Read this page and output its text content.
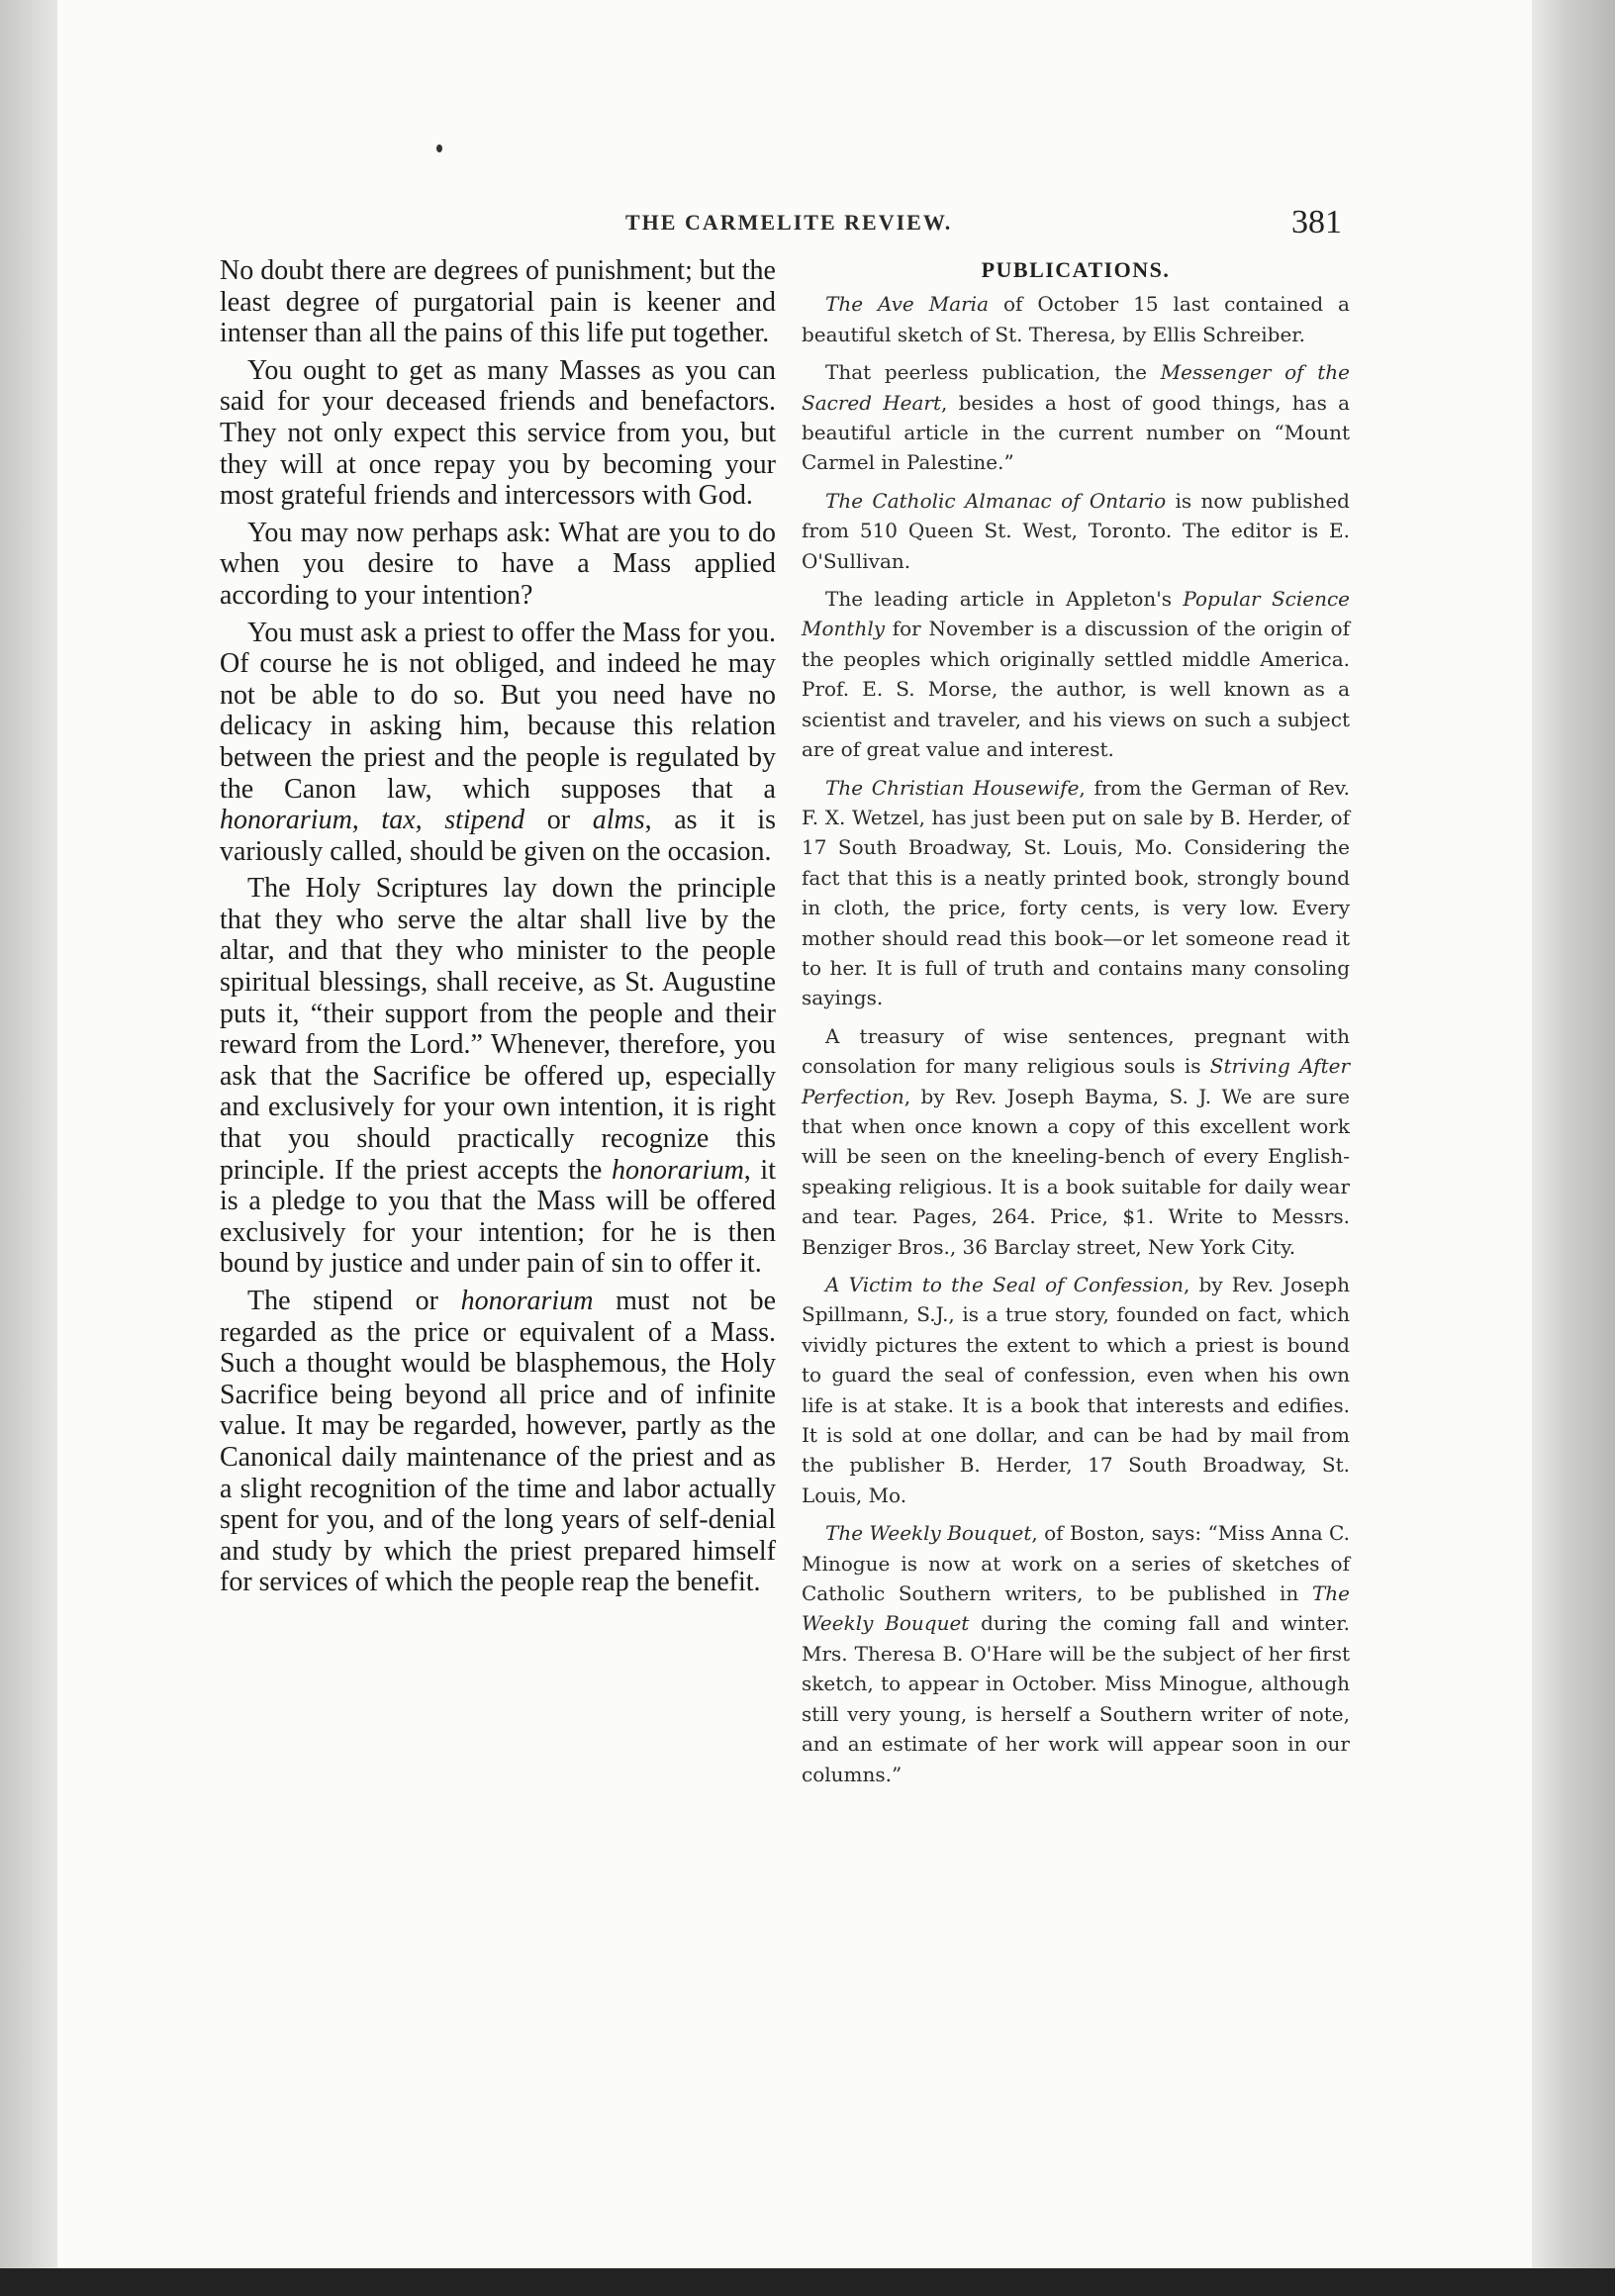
THE CARMELITE REVIEW.	381

No doubt there are degrees of punishment; but the least degree of purgatorial pain is keener and intenser than all the pains of this life put together.

You ought to get as many Masses as you can said for your deceased friends and benefactors. They not only expect this service from you, but they will at once repay you by becoming your most grateful friends and intercessors with God.

You may now perhaps ask: What are you to do when you desire to have a Mass applied according to your intention?

You must ask a priest to offer the Mass for you. Of course he is not obliged, and indeed he may not be able to do so. But you need have no delicacy in asking him, because this relation between the priest and the people is regulated by the Canon law, which supposes that a honorarium, tax, stipend or alms, as it is variously called, should be given on the occasion.

The Holy Scriptures lay down the principle that they who serve the altar shall live by the altar, and that they who minister to the people spiritual blessings, shall receive, as St. Augustine puts it, “their support from the people and their reward from the Lord.” Whenever, therefore, you ask that the Sacrifice be offered up, especially and exclusively for your own intention, it is right that you should practically recognize this principle. If the priest accepts the honorarium, it is a pledge to you that the Mass will be offered exclusively for your intention; for he is then bound by justice and under pain of sin to offer it.

The stipend or honorarium must not be regarded as the price or equivalent of a Mass. Such a thought would be blasphemous, the Holy Sacrifice being beyond all price and of infinite value. It may be regarded, however, partly as the Canonical daily maintenance of the priest and as a slight recognition of the time and labor actually spent for you, and of the long years of self-denial and study by which the priest prepared himself for services of which the people reap the benefit.

PUBLICATIONS.

The Ave Maria of October 15 last contained a beautiful sketch of St. Theresa, by Ellis Schreiber.

That peerless publication, the Messenger of the Sacred Heart, besides a host of good things, has a beautiful article in the current number on “Mount Carmel in Palestine.”

The Catholic Almanac of Ontario is now published from 510 Queen St. West, Toronto. The editor is E. O'Sullivan.

The leading article in Appleton's Popular Science Monthly for November is a discussion of the origin of the peoples which originally settled middle America. Prof. E. S. Morse, the author, is well known as a scientist and traveler, and his views on such a subject are of great value and interest.

The Christian Housewife, from the German of Rev. F. X. Wetzel, has just been put on sale by B. Herder, of 17 South Broadway, St. Louis, Mo. Considering the fact that this is a neatly printed book, strongly bound in cloth, the price, forty cents, is very low. Every mother should read this book—or let someone read it to her. It is full of truth and contains many consoling sayings.

A treasury of wise sentences, pregnant with consolation for many religious souls is Striving After Perfection, by Rev. Joseph Bayma, S. J. We are sure that when once known a copy of this excellent work will be seen on the kneeling-bench of every English-speaking religious. It is a book suitable for daily wear and tear. Pages, 264. Price, $1. Write to Messrs. Benziger Bros., 36 Barclay street, New York City.

A Victim to the Seal of Confession, by Rev. Joseph Spillmann, S.J., is a true story, founded on fact, which vividly pictures the extent to which a priest is bound to guard the seal of confession, even when his own life is at stake. It is a book that interests and edifies. It is sold at one dollar, and can be had by mail from the publisher B. Herder, 17 South Broadway, St. Louis, Mo.

The Weekly Bouquet, of Boston, says: “Miss Anna C. Minogue is now at work on a series of sketches of Catholic Southern writers, to be published in The Weekly Bouquet during the coming fall and winter. Mrs. Theresa B. O'Hare will be the subject of her first sketch, to appear in October. Miss Minogue, although still very young, is herself a Southern writer of note, and an estimate of her work will appear soon in our columns.”
